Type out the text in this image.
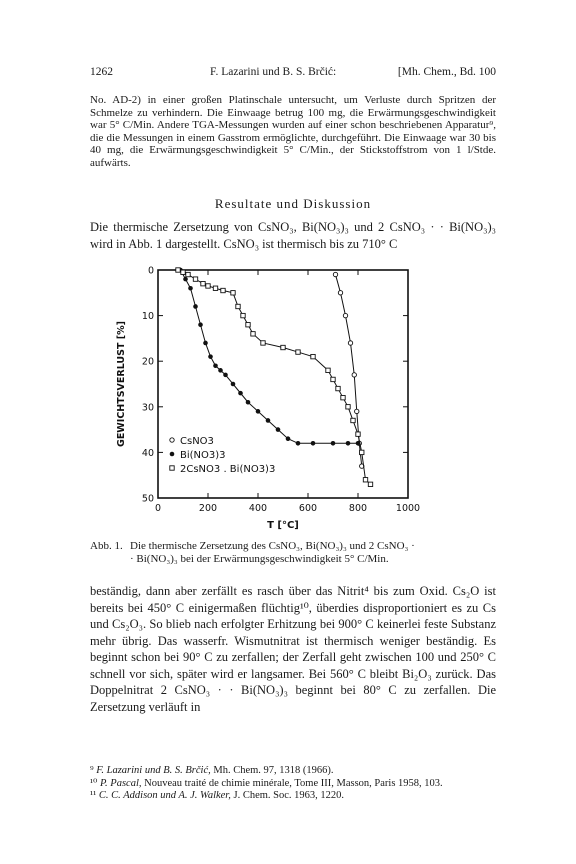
1262	F. Lazarini und B. S. Brčić:	[Mh. Chem., Bd. 100
No. AD-2) in einer großen Platinschale untersucht, um Verluste durch Spritzen der Schmelze zu verhindern. Die Einwaage betrug 100 mg, die Erwärmungsgeschwindigkeit war 5° C/Min. Andere TGA-Messungen wurden auf einer schon beschriebenen Apparatur⁹, die die Messungen in einem Gasstrom ermöglichte, durchgeführt. Die Einwaage war 30 bis 40 mg, die Erwärmungsgeschwindigkeit 5° C/Min., der Stickstoffstrom von 1 l/Stde. aufwärts.
Resultate und Diskussion
Die thermische Zersetzung von CsNO₃, Bi(NO₃)₃ und 2 CsNO₃ · · Bi(NO₃)₃ wird in Abb. 1 dargestellt. CsNO₃ ist thermisch bis zu 710° C
0	200	400	600	800	1000
0
10
20
30
40
50
CsNO3
Bi(NO3)3
2CsNO3 . Bi(NO3)3
GEWICHTSVERLUST [%]
T [°C]
Abb. 1. Die thermische Zersetzung des CsNO₃, Bi(NO₃)₃ und 2 CsNO₃ ·
· Bi(NO₃)₃ bei der Erwärmungsgeschwindigkeit 5° C/Min.
beständig, dann aber zerfällt es rasch über das Nitrit⁴ bis zum Oxid. Cs₂O ist bereits bei 450° C einigermaßen flüchtig¹⁰, überdies disproportioniert es zu Cs und Cs₂O₃. So blieb nach erfolgter Erhitzung bei 900° C keinerlei feste Substanz mehr übrig. Das wasserfr. Wismutnitrat ist thermisch weniger beständig. Es beginnt schon bei 90° C zu zerfallen; der Zerfall geht zwischen 100 und 250° C schnell vor sich, später wird er langsamer. Bei 560° C bleibt Bi₂O₃ zurück. Das Doppelnitrat 2 CsNO₃ · · Bi(NO₃)₃ beginnt bei 80° C zu zerfallen. Die Zersetzung verläuft in
⁹ F. Lazarini und B. S. Brčić, Mh. Chem. 97, 1318 (1966).
¹⁰ P. Pascal, Nouveau traité de chimie minérale, Tome III, Masson, Paris 1958, 103.
¹¹ C. C. Addison und A. J. Walker, J. Chem. Soc. 1963, 1220.
